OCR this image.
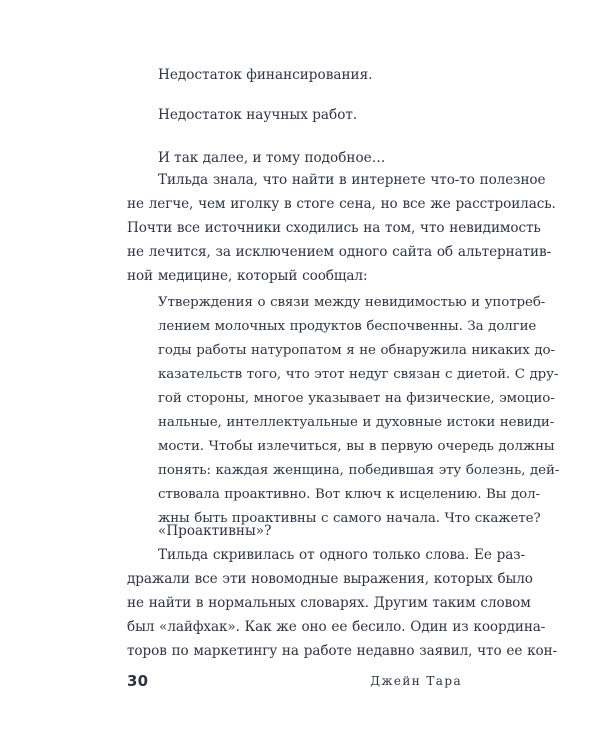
Недостаток финансирования.
Недостаток научных работ.
И так далее, и тому подобное…
Тильда знала, что найти в интернете что-то полезное
не легче, чем иголку в стоге сена, но все же расстроилась.
Почти все источники сходились на том, что невидимость
не лечится, за исключением одного сайта об альтернатив-
ной медицине, который сообщал:
Утверждения о связи между невидимостью и употреб-
лением молочных продуктов беспочвенны. За долгие
годы работы натуропатом я не обнаружила никаких до-
казательств того, что этот недуг связан с диетой. С дру-
гой стороны, многое указывает на физические, эмоцио-
нальные, интеллектуальные и духовные истоки невиди-
мости. Чтобы излечиться, вы в первую очередь должны
понять: каждая женщина, победившая эту болезнь, дей-
ствовала проактивно. Вот ключ к исцелению. Вы дол-
жны быть проактивны с самого начала. Что скажете?
«Проактивны»?
Тильда скривилась от одного только слова. Ее раз-
дражали все эти новомодные выражения, которых было
не найти в нормальных словарях. Другим таким словом
был «лайфхак». Как же оно ее бесило. Один из координа-
торов по маркетингу на работе недавно заявил, что ее кон-
30	Джейн Тара
